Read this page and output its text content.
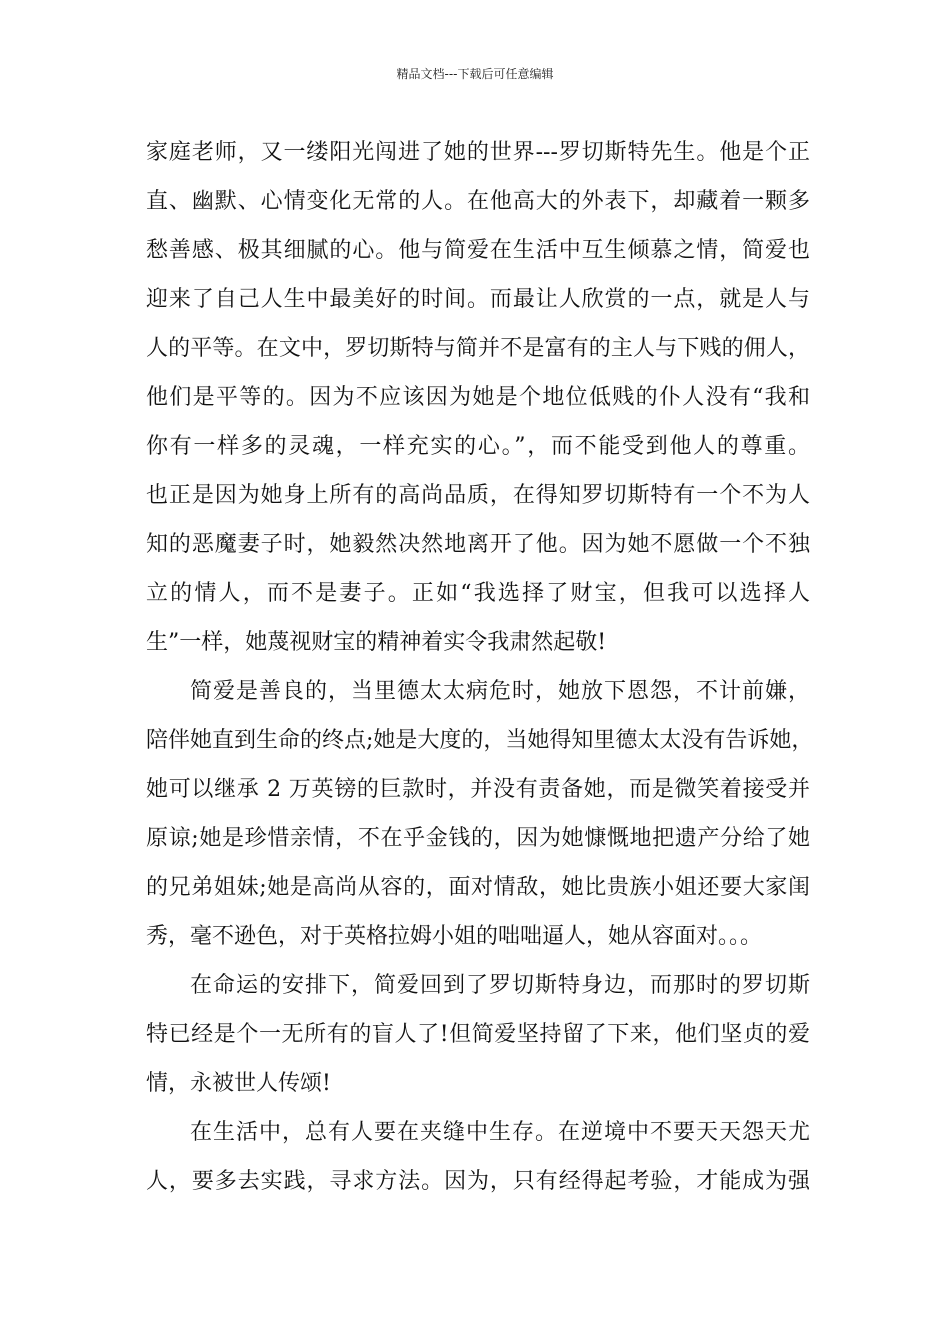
精品文档---下载后可任意编辑
家庭老师，又一缕阳光闯进了她的世界---罗切斯特先生。他是个正
直、幽默、心情变化无常的人。在他高大的外表下，却藏着一颗多
愁善感、极其细腻的心。他与简爱在生活中互生倾慕之情，简爱也
迎来了自己人生中最美好的时间。而最让人欣赏的一点，就是人与
人的平等。在文中，罗切斯特与简并不是富有的主人与下贱的佣人，
他们是平等的。因为不应该因为她是个地位低贱的仆人没有“我和
你有一样多的灵魂，一样充实的心。”，而不能受到他人的尊重。
也正是因为她身上所有的高尚品质，在得知罗切斯特有一个不为人
知的恶魔妻子时，她毅然决然地离开了他。因为她不愿做一个不独
立的情人，而不是妻子。正如“我选择了财宝，但我可以选择人
生”一样，她蔑视财宝的精神着实令我肃然起敬!
简爱是善良的，当里德太太病危时，她放下恩怨，不计前嫌，
陪伴她直到生命的终点;她是大度的，当她得知里德太太没有告诉她，
她可以继承 2 万英镑的巨款时，并没有责备她，而是微笑着接受并
原谅;她是珍惜亲情，不在乎金钱的，因为她慷慨地把遗产分给了她
的兄弟姐妹;她是高尚从容的，面对情敌，她比贵族小姐还要大家闺
秀，毫不逊色，对于英格拉姆小姐的咄咄逼人，她从容面对。。。
在命运的安排下，简爱回到了罗切斯特身边，而那时的罗切斯
特已经是个一无所有的盲人了!但简爱坚持留了下来，他们坚贞的爱
情，永被世人传颂!
在生活中，总有人要在夹缝中生存。在逆境中不要天天怨天尤
人，要多去实践，寻求方法。因为，只有经得起考验，才能成为强
